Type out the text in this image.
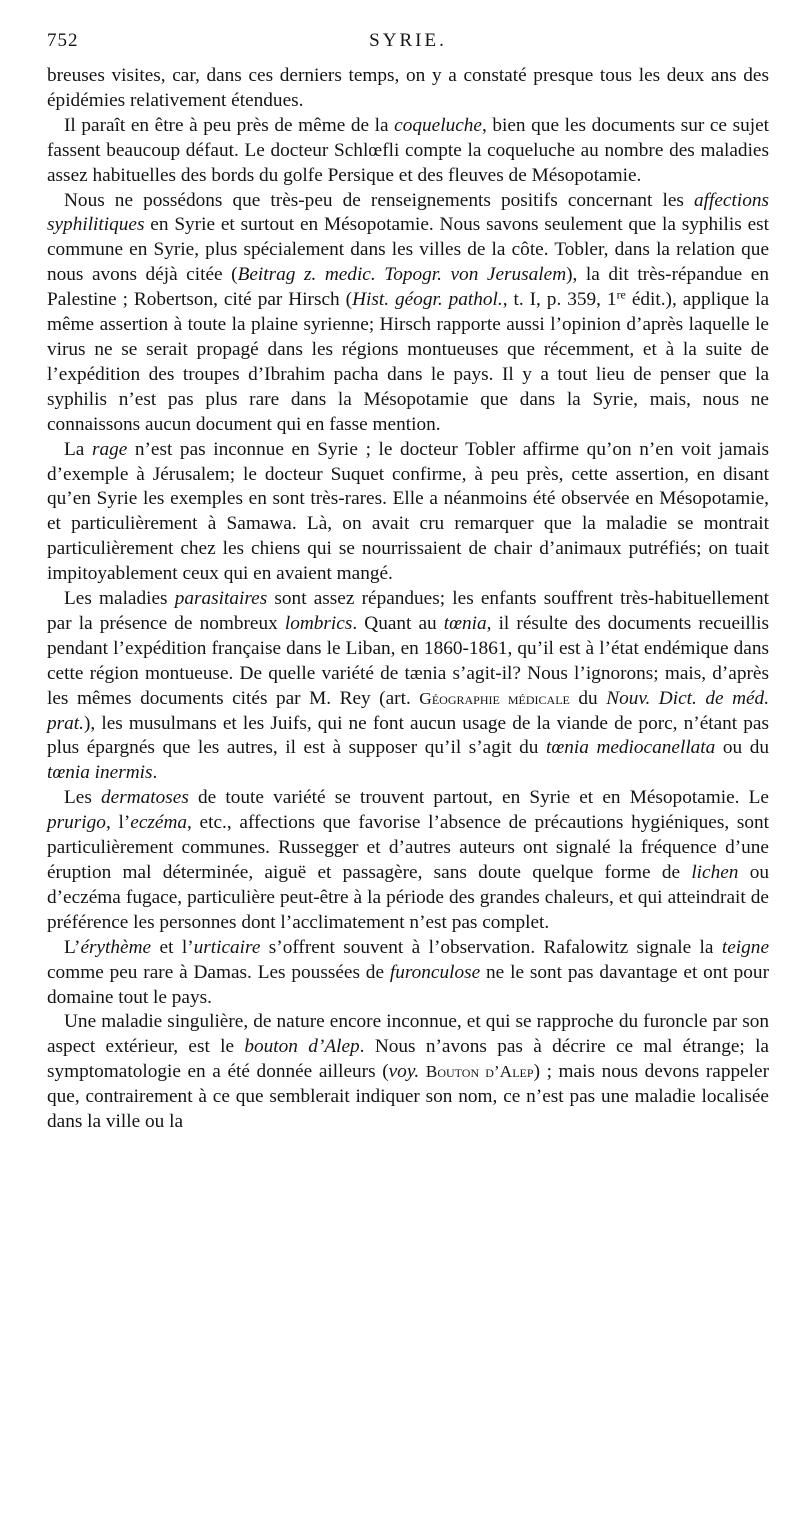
752	SYRIE.

breuses visites, car, dans ces derniers temps, on y a constaté presque tous les deux ans des épidémies relativement étendues.

Il paraît en être à peu près de même de la coqueluche, bien que les documents sur ce sujet fassent beaucoup défaut. Le docteur Schlœfli compte la coqueluche au nombre des maladies assez habituelles des bords du golfe Persique et des fleuves de Mésopotamie.

Nous ne possédons que très-peu de renseignements positifs concernant les affections syphilitiques en Syrie et surtout en Mésopotamie. Nous savons seulement que la syphilis est commune en Syrie, plus spécialement dans les villes de la côte. Tobler, dans la relation que nous avons déjà citée (Beitrag z. medic. Topogr. von Jerusalem), la dit très-répandue en Palestine ; Robertson, cité par Hirsch (Hist. géogr. pathol., t. I, p. 359, 1re édit.), applique la même assertion à toute la plaine syrienne; Hirsch rapporte aussi l’opinion d’après laquelle le virus ne se serait propagé dans les régions montueuses que récemment, et à la suite de l’expédition des troupes d’Ibrahim pacha dans le pays. Il y a tout lieu de penser que la syphilis n’est pas plus rare dans la Mésopotamie que dans la Syrie, mais, nous ne connaissons aucun document qui en fasse mention.

La rage n’est pas inconnue en Syrie ; le docteur Tobler affirme qu’on n’en voit jamais d’exemple à Jérusalem; le docteur Suquet confirme, à peu près, cette assertion, en disant qu’en Syrie les exemples en sont très-rares. Elle a néanmoins été observée en Mésopotamie, et particulièrement à Samawa. Là, on avait cru remarquer que la maladie se montrait particulièrement chez les chiens qui se nourrissaient de chair d’animaux putréfiés; on tuait impitoyablement ceux qui en avaient mangé.

Les maladies parasitaires sont assez répandues; les enfants souffrent très-habituellement par la présence de nombreux lombrics. Quant au tœnia, il résulte des documents recueillis pendant l’expédition française dans le Liban, en 1860-1861, qu’il est à l’état endémique dans cette région montueuse. De quelle variété de tænia s’agit-il? Nous l’ignorons; mais, d’après les mêmes documents cités par M. Rey (art. Géographie médicale du Nouv. Dict. de méd. prat.), les musulmans et les Juifs, qui ne font aucun usage de la viande de porc, n’étant pas plus épargnés que les autres, il est à supposer qu’il s’agit du tœnia mediocanellata ou du tœnia inermis.

Les dermatoses de toute variété se trouvent partout, en Syrie et en Mésopotamie. Le prurigo, l’eczéma, etc., affections que favorise l’absence de précautions hygiéniques, sont particulièrement communes. Russegger et d’autres auteurs ont signalé la fréquence d’une éruption mal déterminée, aiguë et passagère, sans doute quelque forme de lichen ou d’eczéma fugace, particulière peut-être à la période des grandes chaleurs, et qui atteindrait de préférence les personnes dont l’acclimatement n’est pas complet.

L’érythème et l’urticaire s’offrent souvent à l’observation. Rafalowitz signale la teigne comme peu rare à Damas. Les poussées de furonculose ne le sont pas davantage et ont pour domaine tout le pays.

Une maladie singulière, de nature encore inconnue, et qui se rapproche du furoncle par son aspect extérieur, est le bouton d’Alep. Nous n’avons pas à décrire ce mal étrange; la symptomatologie en a été donnée ailleurs (voy. Bouton d’Alep) ; mais nous devons rappeler que, contrairement à ce que semblerait indiquer son nom, ce n’est pas une maladie localisée dans la ville ou la
